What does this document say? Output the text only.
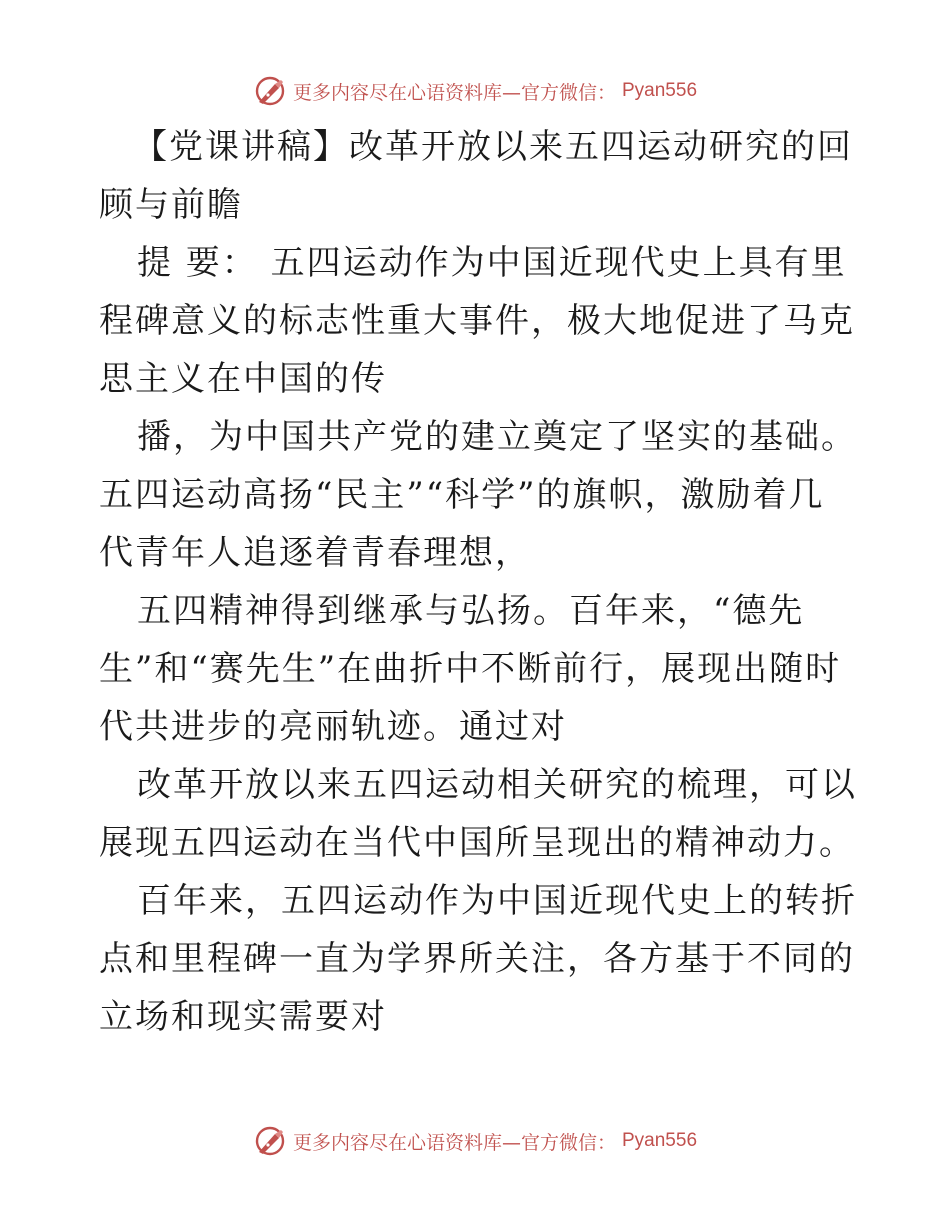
更多内容尽在心语资料库—官方微信： Pyan556

【党课讲稿】改革开放以来五四运动研究的回顾与前瞻

提 要： 五四运动作为中国近现代史上具有里程碑意义的标志性重大事件，极大地促进了马克思主义在中国的传

播，为中国共产党的建立奠定了坚实的基础。五四运动高扬“民主”“科学”的旗帜，激励着几代青年人追逐着青春理想，

五四精神得到继承与弘扬。百年来，“德先生”和“赛先生”在曲折中不断前行，展现出随时代共进步的亮丽轨迹。通过对

改革开放以来五四运动相关研究的梳理，可以展现五四运动在当代中国所呈现出的精神动力。

百年来，五四运动作为中国近现代史上的转折点和里程碑一直为学界所关注，各方基于不同的立场和现实需要对

更多内容尽在心语资料库—官方微信： Pyan556
